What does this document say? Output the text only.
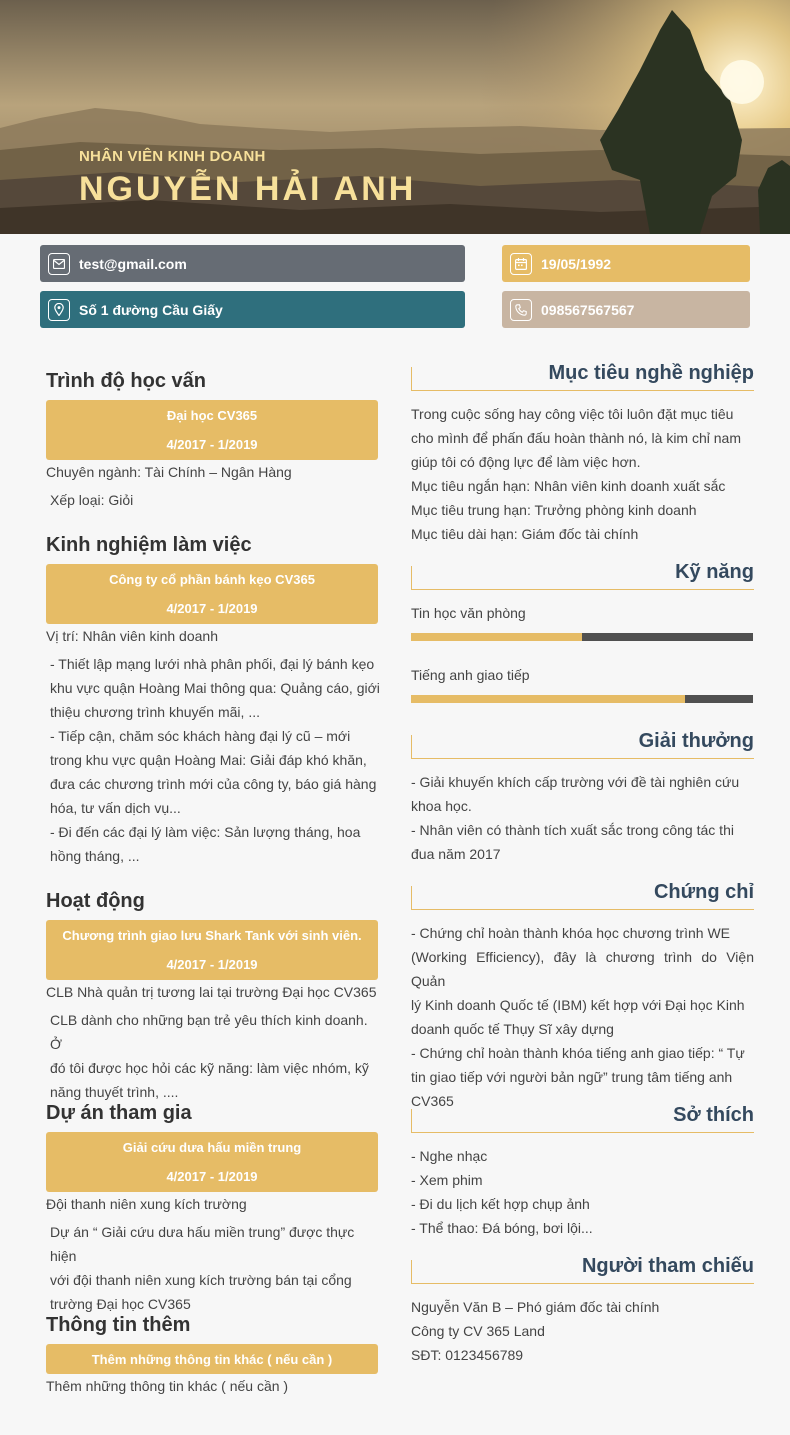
NHÂN VIÊN KINH DOANH
NGUYỄN HẢI ANH
test@gmail.com	19/05/1992
Số 1 đường Cầu Giấy	098567567567
Trình độ học vấn
Đại học CV365
4/2017 - 1/2019
Chuyên ngành: Tài Chính – Ngân Hàng
Xếp loại: Giỏi
Kinh nghiệm làm việc
Công ty cổ phần bánh kẹo CV365
4/2017 - 1/2019
Vị trí: Nhân viên kinh doanh
- Thiết lập mạng lưới nhà phân phối, đại lý bánh kẹo
khu vực quận Hoàng Mai thông qua: Quảng cáo, giới
thiệu chương trình khuyến mãi, ...
- Tiếp cận, chăm sóc khách hàng đại lý cũ – mới
trong khu vực quận Hoàng Mai: Giải đáp khó khăn,
đưa các chương trình mới của công ty, báo giá hàng
hóa, tư vấn dịch vụ...
- Đi đến các đại lý làm việc: Sản lượng tháng, hoa
hồng tháng, ...
Hoạt động
Chương trình giao lưu Shark Tank với sinh viên.
4/2017 - 1/2019
CLB Nhà quản trị tương lai tại trường Đại học CV365
CLB dành cho những bạn trẻ yêu thích kinh doanh. Ở
đó tôi được học hỏi các kỹ năng: làm việc nhóm, kỹ
năng thuyết trình, ....
Dự án tham gia
Giải cứu dưa hấu miền trung
4/2017 - 1/2019
Đội thanh niên xung kích trường
Dự án “ Giải cứu dưa hấu miền trung” được thực hiện
với đội thanh niên xung kích trường bán tại cổng
trường Đại học CV365
Thông tin thêm
Thêm những thông tin khác ( nếu cần )
Thêm những thông tin khác ( nếu cần )
Mục tiêu nghề nghiệp
Trong cuộc sống hay công việc tôi luôn đặt mục tiêu
cho mình để phấn đấu hoàn thành nó, là kim chỉ nam
giúp tôi có động lực để làm việc hơn.
Mục tiêu ngắn hạn: Nhân viên kinh doanh xuất sắc
Mục tiêu trung hạn: Trưởng phòng kinh doanh
Mục tiêu dài hạn: Giám đốc tài chính
Kỹ năng
Tin học văn phòng
Tiếng anh giao tiếp
Giải thưởng
- Giải khuyến khích cấp trường với đề tài nghiên cứu
khoa học.
- Nhân viên có thành tích xuất sắc trong công tác thi
đua năm 2017
Chứng chỉ
- Chứng chỉ hoàn thành khóa học chương trình WE
(Working Efficiency), đây là chương trình do Viện Quản
lý Kinh doanh Quốc tế (IBM) kết hợp với Đại học Kinh
doanh quốc tế Thụy Sĩ xây dựng
- Chứng chỉ hoàn thành khóa tiếng anh giao tiếp: “ Tự
tin giao tiếp với người bản ngữ” trung tâm tiếng anh
CV365
Sở thích
- Nghe nhạc
- Xem phim
- Đi du lịch kết hợp chụp ảnh
- Thể thao: Đá bóng, bơi lội...
Người tham chiếu
Nguyễn Văn B – Phó giám đốc tài chính
Công ty CV 365 Land
SĐT: 0123456789
